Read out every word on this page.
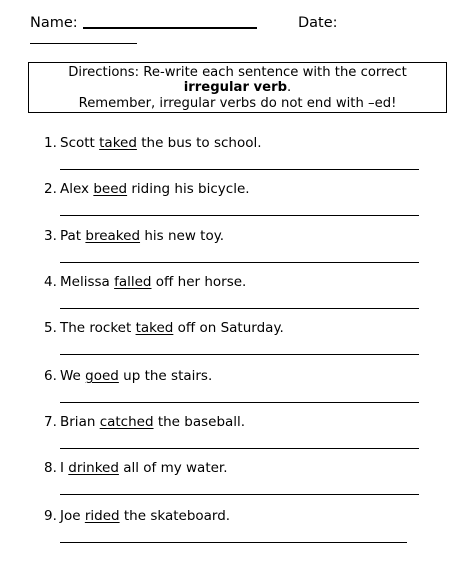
Name:	Date:
Directions: Re-write each sentence with the correct
irregular verb.
Remember, irregular verbs do not end with –ed!
1. Scott taked the bus to school.
2. Alex beed riding his bicycle.
3. Pat breaked his new toy.
4. Melissa falled off her horse.
5. The rocket taked off on Saturday.
6. We goed up the stairs.
7. Brian catched the baseball.
8. I drinked all of my water.
9. Joe rided the skateboard.
